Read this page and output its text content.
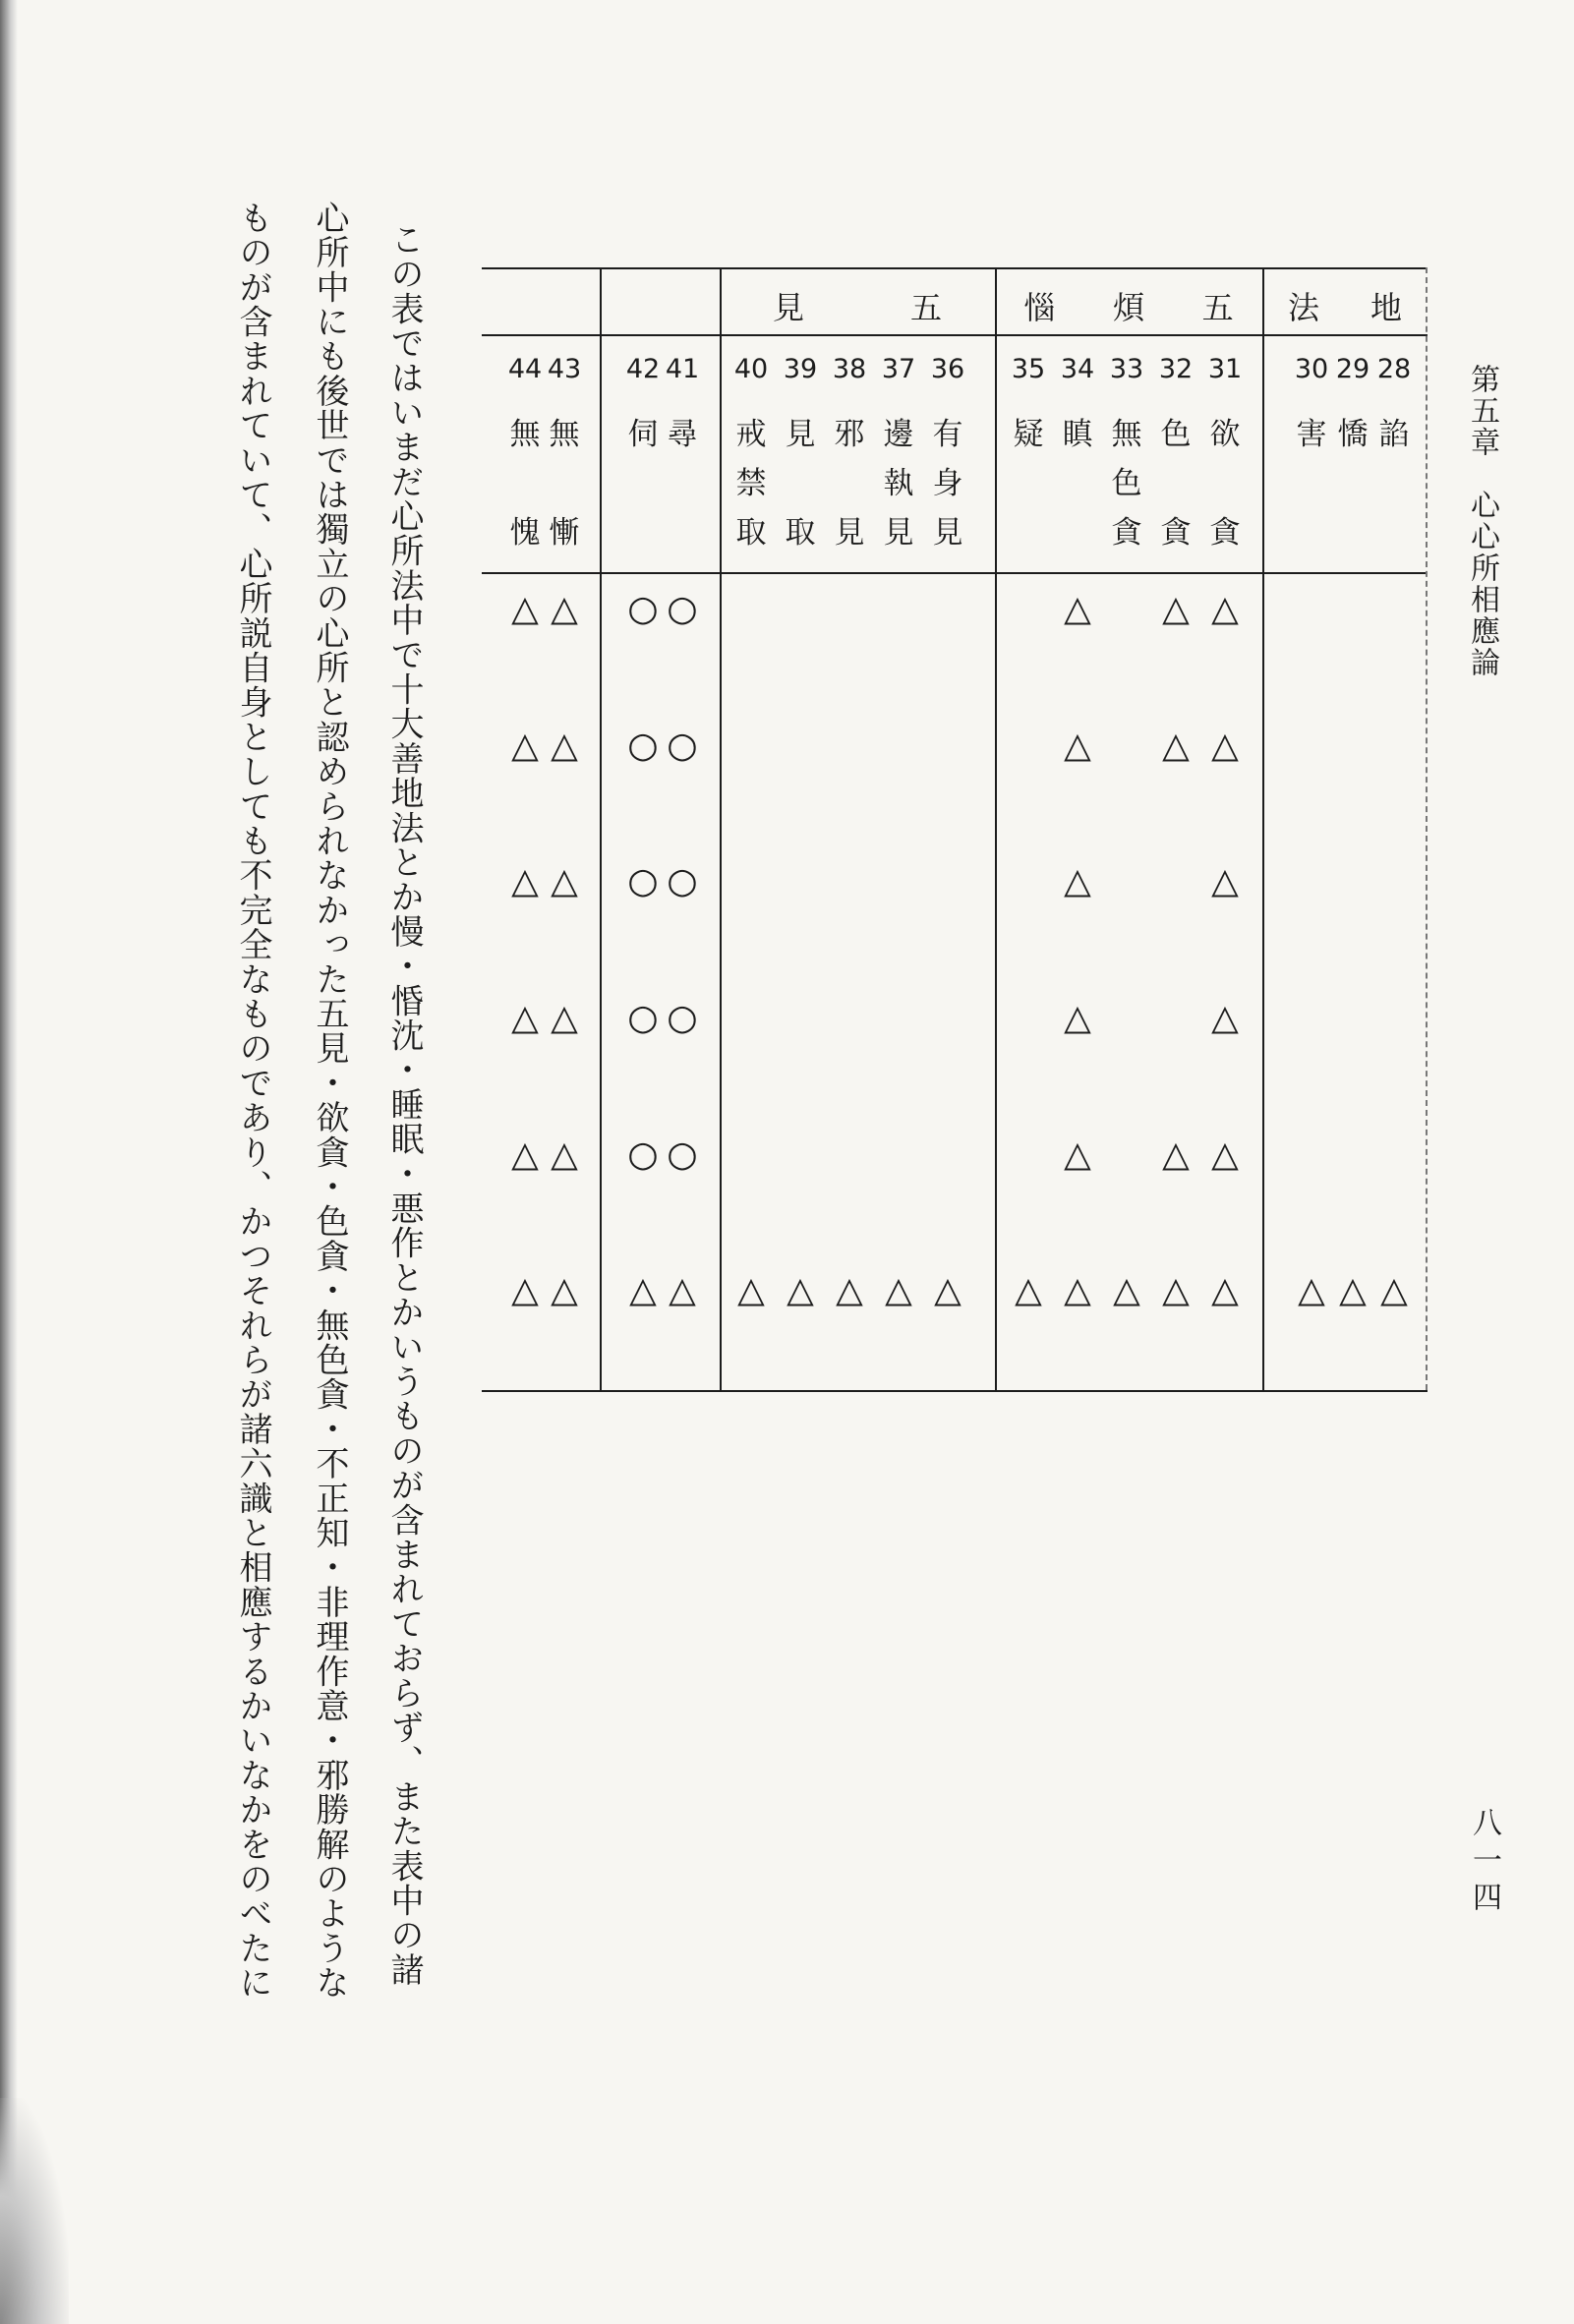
第五章　心心所相應論
八一四
この表ではいまだ心所法中で十大善地法とか慢・惛沈・睡眠・悪作とかいうものが含まれておらず、また表中の諸
心所中にも後世では獨立の心所と認められなかった五見・欲貪・色貪・無色貪・不正知・非理作意・邪勝解のような
ものが含まれていて、心所説自身としても不完全なものであり、かつそれらが諸六識と相應するかいなかをのべたに	地
法
五
煩
惱
五
見
28
諂
29
憍
30
害
31
欲
貪
32
色
貪
33
無
色
貪
34
瞋
35
疑
36
有
身
見
37
邊
執
見
38
邪
見
39
見
取
40
戒
禁
取
41
尋
42
伺
43
無
慚
44
無
愧
△
△
△
○
○
△
△
△
△
△
○
○
△
△
△
△
○
○
△
△
△
△
○
○
△
△
△
△
△
○
○
△
△
△
△
△
△
△
△
△
△
△
△
△
△
△
△
△
△
△
